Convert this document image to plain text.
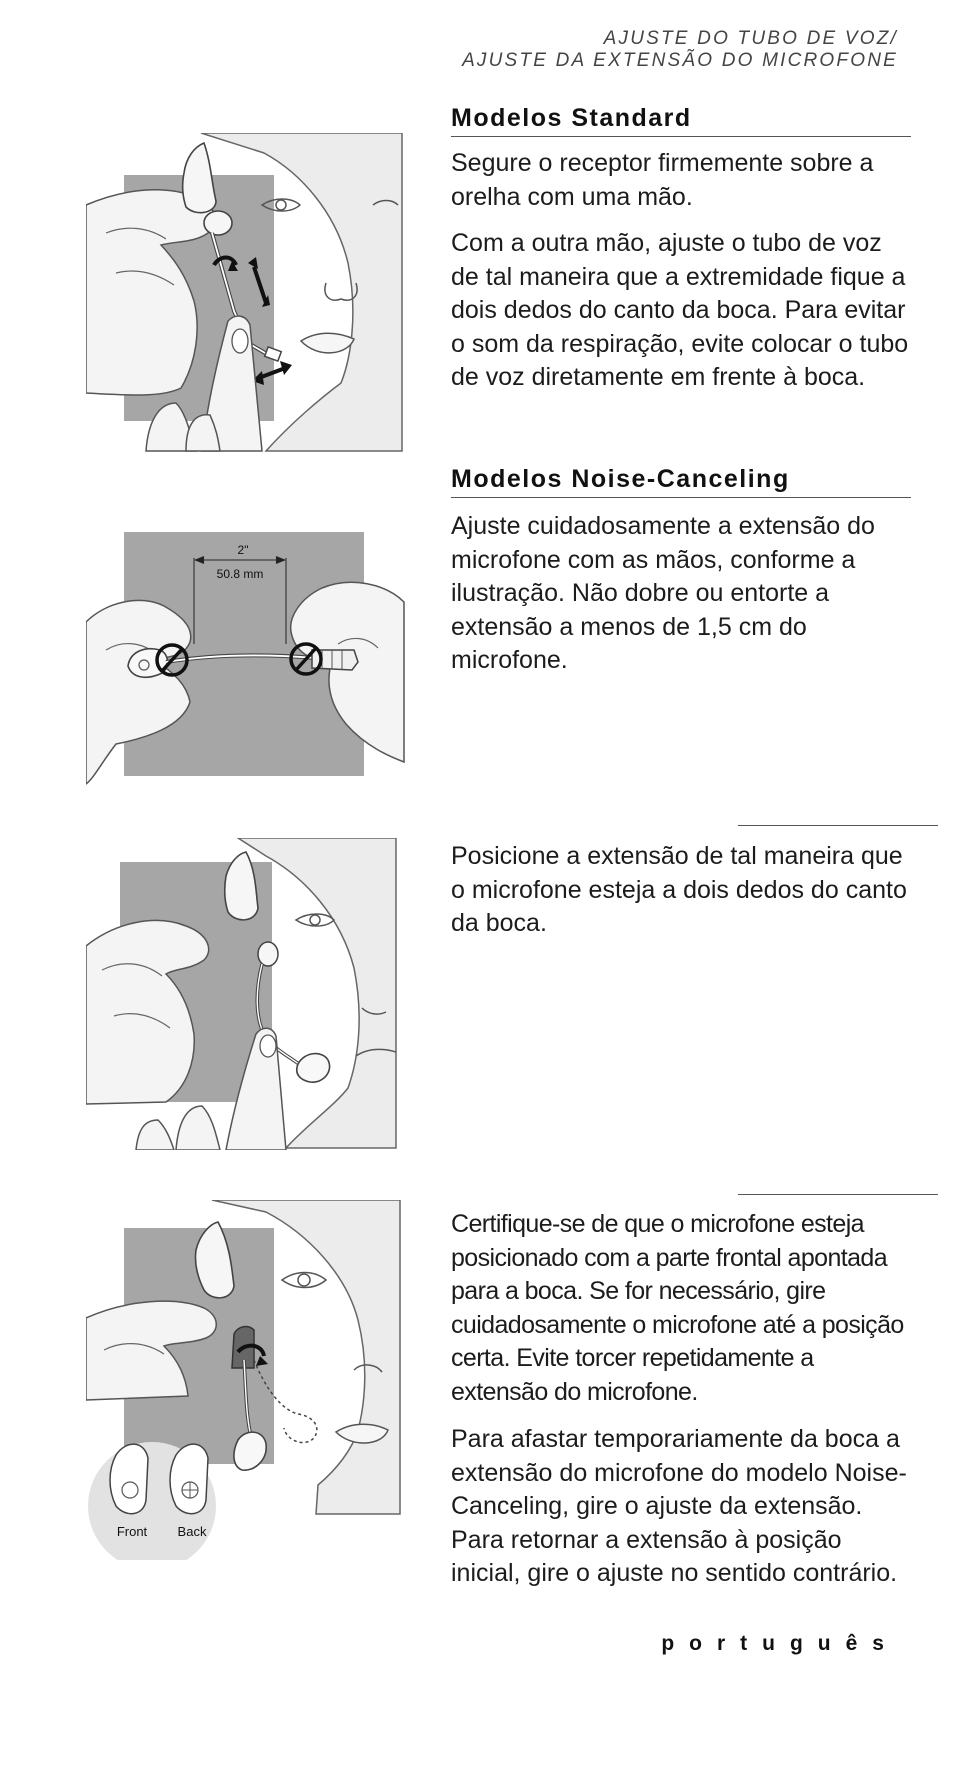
AJUSTE DO TUBO DE VOZ/
AJUSTE DA EXTENSÃO DO MICROFONE
Modelos Standard

Segure o receptor firmemente sobre a orelha com uma mão.

Com a outra mão, ajuste o tubo de voz de tal maneira que a extremidade fique a dois dedos do canto da boca. Para evitar o som da respiração, evite colocar o tubo de voz diretamente em frente à boca.

Modelos Noise-Canceling

Ajuste cuidadosamente a extensão do microfone com as mãos, conforme a ilustração. Não dobre ou entorte a extensão a menos de 1,5 cm do microfone.

2"
50.8 mm

Posicione a extensão de tal maneira que o microfone esteja a dois dedos do canto da boca.

Certifique-se de que o microfone esteja posicionado com a parte frontal apontada para a boca. Se for necessário, gire cuidadosamente o microfone até a posição certa. Evite torcer repetidamente a extensão do microfone.

Para afastar temporariamente da boca a extensão do microfone do modelo Noise-Canceling, gire o ajuste da extensão. Para retornar a extensão à posição inicial, gire o ajuste no sentido contrário.

Front Back
português
